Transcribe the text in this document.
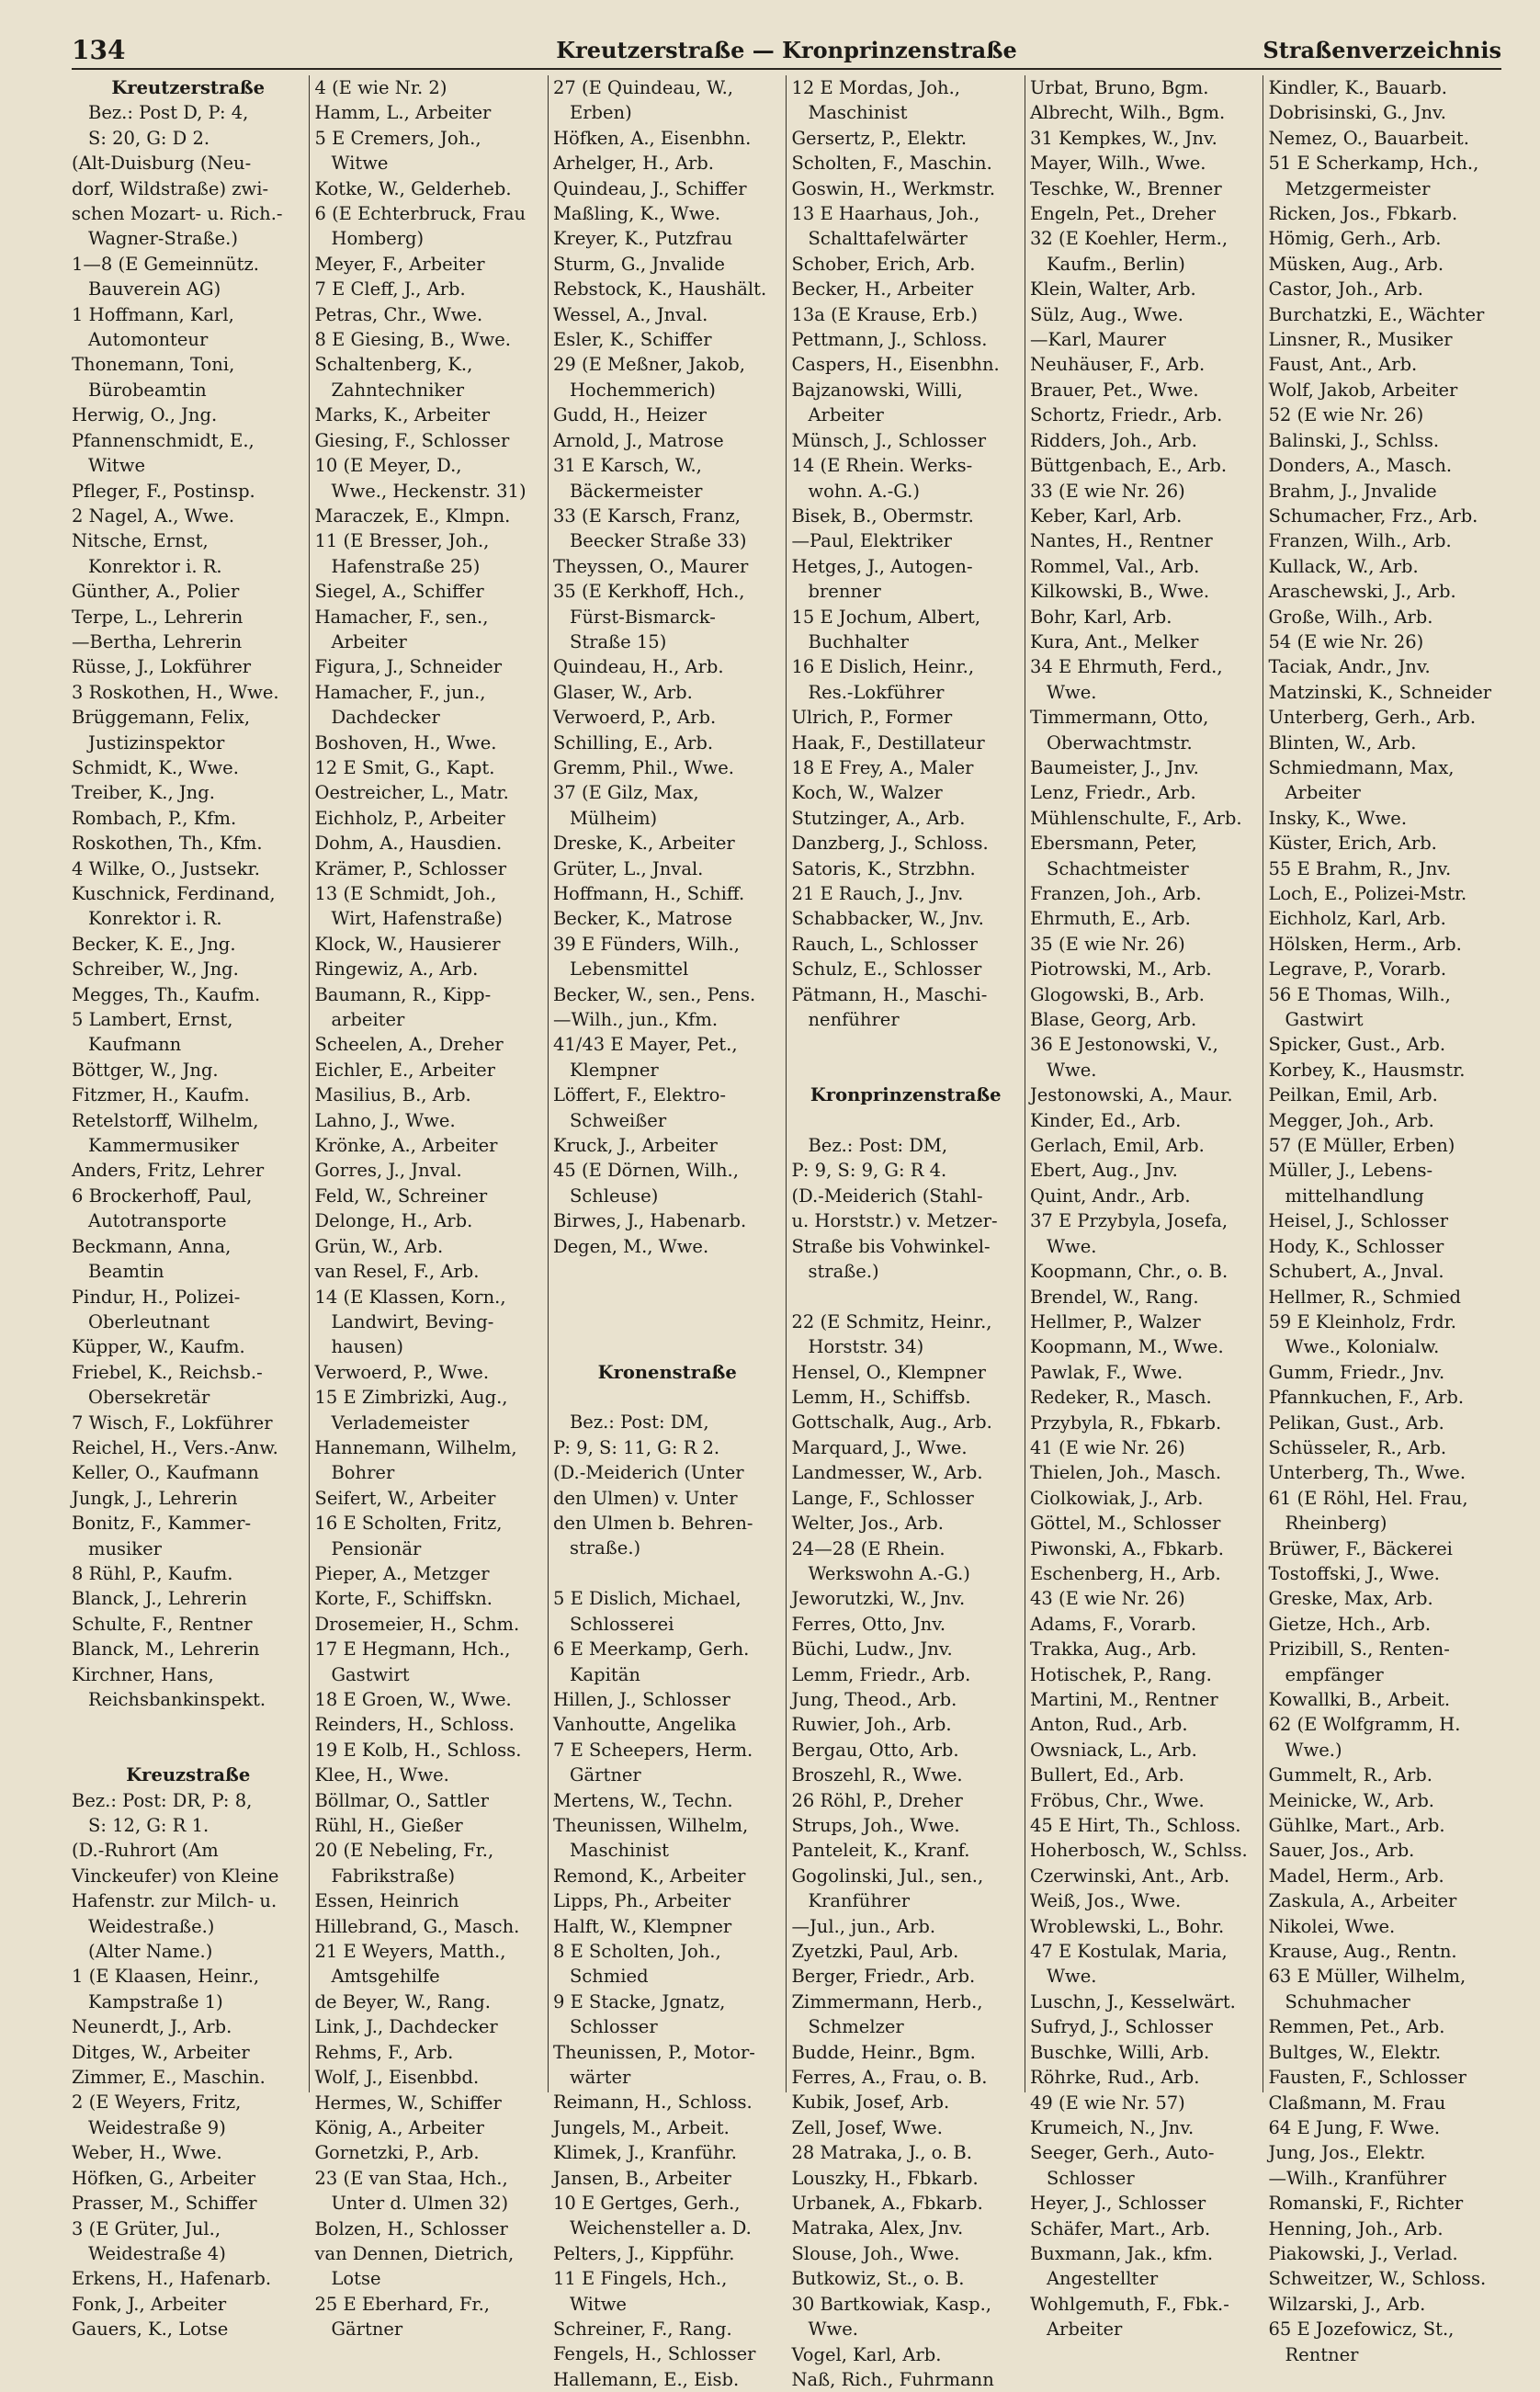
134	Kreutzerstraße — Kronprinzenstraße	Straßenverzeichnis
Kreutzerstraße
Bez.: Post D, P: 4,
S: 20, G: D 2.
(Alt-Duisburg (Neu-
dorf, Wildstraße) zwi-
schen Mozart- u. Rich.-
Wagner-Straße.)
1—8 (E Gemeinnütz.
Bauverein AG)
1 Hoffmann, Karl,
Automonteur
Thonemann, Toni,
Bürobeamtin
Herwig, O., Jng.
Pfannenschmidt, E.,
Witwe
Pfleger, F., Postinsp.
2 Nagel, A., Wwe.
Nitsche, Ernst,
Konrektor i. R.
Günther, A., Polier
Terpe, L., Lehrerin
—Bertha, Lehrerin
Rüsse, J., Lokführer
3 Roskothen, H., Wwe.
Brüggemann, Felix,
Justizinspektor
Schmidt, K., Wwe.
Treiber, K., Jng.
Rombach, P., Kfm.
Roskothen, Th., Kfm.
4 Wilke, O., Justsekr.
Kuschnick, Ferdinand,
Konrektor i. R.
Becker, K. E., Jng.
Schreiber, W., Jng.
Megges, Th., Kaufm.
5 Lambert, Ernst,
Kaufmann
Böttger, W., Jng.
Fitzmer, H., Kaufm.
Retelstorff, Wilhelm,
Kammermusiker
Anders, Fritz, Lehrer
6 Brockerhoff, Paul,
Autotransporte
Beckmann, Anna,
Beamtin
Pindur, H., Polizei-
Oberleutnant
Küpper, W., Kaufm.
Friebel, K., Reichsb.-
Obersekretär
7 Wisch, F., Lokführer
Reichel, H., Vers.-Anw.
Keller, O., Kaufmann
Jungk, J., Lehrerin
Bonitz, F., Kammer-
musiker
8 Rühl, P., Kaufm.
Blanck, J., Lehrerin
Schulte, F., Rentner
Blanck, M., Lehrerin
Kirchner, Hans,
Reichsbankinspekt.
Kreuzstraße
Bez.: Post: DR, P: 8,
S: 12, G: R 1.
(D.-Ruhrort (Am
Vinckeufer) von Kleine
Hafenstr. zur Milch- u.
Weidestraße.)
(Alter Name.)
1 (E Klaasen, Heinr.,
Kampstraße 1)
Neunerdt, J., Arb.
Ditges, W., Arbeiter
Zimmer, E., Maschin.
2 (E Weyers, Fritz,
Weidestraße 9)
Weber, H., Wwe.
Höfken, G., Arbeiter
Prasser, M., Schiffer
3 (E Grüter, Jul.,
Weidestraße 4)
Erkens, H., Hafenarb.
Fonk, J., Arbeiter
Gauers, K., Lotse
4 (E wie Nr. 2)
Hamm, L., Arbeiter
5 E Cremers, Joh.,
Witwe
Kotke, W., Gelderheb.
6 (E Echterbruck, Frau
Homberg)
Meyer, F., Arbeiter
7 E Cleff, J., Arb.
Petras, Chr., Wwe.
8 E Giesing, B., Wwe.
Schaltenberg, K.,
Zahntechniker
Marks, K., Arbeiter
Giesing, F., Schlosser
10 (E Meyer, D.,
Wwe., Heckenstr. 31)
Maraczek, E., Klmpn.
11 (E Bresser, Joh.,
Hafenstraße 25)
Siegel, A., Schiffer
Hamacher, F., sen.,
Arbeiter
Figura, J., Schneider
Hamacher, F., jun.,
Dachdecker
Boshoven, H., Wwe.
12 E Smit, G., Kapt.
Oestreicher, L., Matr.
Eichholz, P., Arbeiter
Dohm, A., Hausdien.
Krämer, P., Schlosser
13 (E Schmidt, Joh.,
Wirt, Hafenstraße)
Klock, W., Hausierer
Ringewiz, A., Arb.
Baumann, R., Kipp-
arbeiter
Scheelen, A., Dreher
Eichler, E., Arbeiter
Masilius, B., Arb.
Lahno, J., Wwe.
Krönke, A., Arbeiter
Gorres, J., Jnval.
Feld, W., Schreiner
Delonge, H., Arb.
Grün, W., Arb.
van Resel, F., Arb.
14 (E Klassen, Korn.,
Landwirt, Beving-
hausen)
Verwoerd, P., Wwe.
15 E Zimbrizki, Aug.,
Verlademeister
Hannemann, Wilhelm,
Bohrer
Seifert, W., Arbeiter
16 E Scholten, Fritz,
Pensionär
Pieper, A., Metzger
Korte, F., Schiffskn.
Drosemeier, H., Schm.
17 E Hegmann, Hch.,
Gastwirt
18 E Groen, W., Wwe.
Reinders, H., Schloss.
19 E Kolb, H., Schloss.
Klee, H., Wwe.
Böllmar, O., Sattler
Rühl, H., Gießer
20 (E Nebeling, Fr.,
Fabrikstraße)
Essen, Heinrich
Hillebrand, G., Masch.
21 E Weyers, Matth.,
Amtsgehilfe
de Beyer, W., Rang.
Link, J., Dachdecker
Rehms, F., Arb.
Wolf, J., Eisenbbd.
Hermes, W., Schiffer
König, A., Arbeiter
Gornetzki, P., Arb.
23 (E van Staa, Hch.,
Unter d. Ulmen 32)
Bolzen, H., Schlosser
van Dennen, Dietrich,
Lotse
25 E Eberhard, Fr.,
Gärtner
27 (E Quindeau, W.,
Erben)
Höfken, A., Eisenbhn.
Arhelger, H., Arb.
Quindeau, J., Schiffer
Maßling, K., Wwe.
Kreyer, K., Putzfrau
Sturm, G., Jnvalide
Rebstock, K., Haushält.
Wessel, A., Jnval.
Esler, K., Schiffer
29 (E Meßner, Jakob,
Hochemmerich)
Gudd, H., Heizer
Arnold, J., Matrose
31 E Karsch, W.,
Bäckermeister
33 (E Karsch, Franz,
Beecker Straße 33)
Theyssen, O., Maurer
35 (E Kerkhoff, Hch.,
Fürst-Bismarck-
Straße 15)
Quindeau, H., Arb.
Glaser, W., Arb.
Verwoerd, P., Arb.
Schilling, E., Arb.
Gremm, Phil., Wwe.
37 (E Gilz, Max,
Mülheim)
Dreske, K., Arbeiter
Grüter, L., Jnval.
Hoffmann, H., Schiff.
Becker, K., Matrose
39 E Fünders, Wilh.,
Lebensmittel
Becker, W., sen., Pens.
—Wilh., jun., Kfm.
41/43 E Mayer, Pet.,
Klempner
Löffert, F., Elektro-
Schweißer
Kruck, J., Arbeiter
45 (E Dörnen, Wilh.,
Schleuse)
Birwes, J., Habenarb.
Degen, M., Wwe.
Kronenstraße
Bez.: Post: DM,
P: 9, S: 11, G: R 2.
(D.-Meiderich (Unter
den Ulmen) v. Unter
den Ulmen b. Behren-
straße.)
5 E Dislich, Michael,
Schlosserei
6 E Meerkamp, Gerh.
Kapitän
Hillen, J., Schlosser
Vanhoutte, Angelika
7 E Scheepers, Herm.
Gärtner
Mertens, W., Techn.
Theunissen, Wilhelm,
Maschinist
Remond, K., Arbeiter
Lipps, Ph., Arbeiter
Halft, W., Klempner
8 E Scholten, Joh.,
Schmied
9 E Stacke, Jgnatz,
Schlosser
Theunissen, P., Motor-
wärter
Reimann, H., Schloss.
Jungels, M., Arbeit.
Klimek, J., Kranführ.
Jansen, B., Arbeiter
10 E Gertges, Gerh.,
Weichensteller a. D.
Pelters, J., Kippführ.
11 E Fingels, Hch.,
Witwe
Schreiner, F., Rang.
Fengels, H., Schlosser
Hallemann, E., Eisb.
12 E Mordas, Joh.,
Maschinist
Gersertz, P., Elektr.
Scholten, F., Maschin.
Goswin, H., Werkmstr.
13 E Haarhaus, Joh.,
Schalttafelwärter
Schober, Erich, Arb.
Becker, H., Arbeiter
13a (E Krause, Erb.)
Pettmann, J., Schloss.
Caspers, H., Eisenbhn.
Bajzanowski, Willi,
Arbeiter
Münsch, J., Schlosser
14 (E Rhein. Werks-
wohn. A.-G.)
Bisek, B., Obermstr.
—Paul, Elektriker
Hetges, J., Autogen-
brenner
15 E Jochum, Albert,
Buchhalter
16 E Dislich, Heinr.,
Res.-Lokführer
Ulrich, P., Former
Haak, F., Destillateur
18 E Frey, A., Maler
Koch, W., Walzer
Stutzinger, A., Arb.
Danzberg, J., Schloss.
Satoris, K., Strzbhn.
21 E Rauch, J., Jnv.
Schabbacker, W., Jnv.
Rauch, L., Schlosser
Schulz, E., Schlosser
Pätmann, H., Maschi-
nenführer
Kronprinzenstraße
Bez.: Post: DM,
P: 9, S: 9, G: R 4.
(D.-Meiderich (Stahl-
u. Horststr.) v. Metzer-
Straße bis Vohwinkel-
straße.)
22 (E Schmitz, Heinr.,
Horststr. 34)
Hensel, O., Klempner
Lemm, H., Schiffsb.
Gottschalk, Aug., Arb.
Marquard, J., Wwe.
Landmesser, W., Arb.
Lange, F., Schlosser
Welter, Jos., Arb.
24—28 (E Rhein.
Werkswohn A.-G.)
Jeworutzki, W., Jnv.
Ferres, Otto, Jnv.
Büchi, Ludw., Jnv.
Lemm, Friedr., Arb.
Jung, Theod., Arb.
Ruwier, Joh., Arb.
Bergau, Otto, Arb.
Broszehl, R., Wwe.
26 Röhl, P., Dreher
Strups, Joh., Wwe.
Panteleit, K., Kranf.
Gogolinski, Jul., sen.,
Kranführer
—Jul., jun., Arb.
Zyetzki, Paul, Arb.
Berger, Friedr., Arb.
Zimmermann, Herb.,
Schmelzer
Budde, Heinr., Bgm.
Ferres, A., Frau, o. B.
Kubik, Josef, Arb.
Zell, Josef, Wwe.
28 Matraka, J., o. B.
Louszky, H., Fbkarb.
Urbanek, A., Fbkarb.
Matraka, Alex, Jnv.
Slouse, Joh., Wwe.
Butkowiz, St., o. B.
30 Bartkowiak, Kasp.,
Wwe.
Vogel, Karl, Arb.
Naß, Rich., Fuhrmann
Urbat, Bruno, Bgm.
Albrecht, Wilh., Bgm.
31 Kempkes, W., Jnv.
Mayer, Wilh., Wwe.
Teschke, W., Brenner
Engeln, Pet., Dreher
32 (E Koehler, Herm.,
Kaufm., Berlin)
Klein, Walter, Arb.
Sülz, Aug., Wwe.
—Karl, Maurer
Neuhäuser, F., Arb.
Brauer, Pet., Wwe.
Schortz, Friedr., Arb.
Ridders, Joh., Arb.
Büttgenbach, E., Arb.
33 (E wie Nr. 26)
Keber, Karl, Arb.
Nantes, H., Rentner
Rommel, Val., Arb.
Kilkowski, B., Wwe.
Bohr, Karl, Arb.
Kura, Ant., Melker
34 E Ehrmuth, Ferd.,
Wwe.
Timmermann, Otto,
Oberwachtmstr.
Baumeister, J., Jnv.
Lenz, Friedr., Arb.
Mühlenschulte, F., Arb.
Ebersmann, Peter,
Schachtmeister
Franzen, Joh., Arb.
Ehrmuth, E., Arb.
35 (E wie Nr. 26)
Piotrowski, M., Arb.
Glogowski, B., Arb.
Blase, Georg, Arb.
36 E Jestonowski, V.,
Wwe.
Jestonowski, A., Maur.
Kinder, Ed., Arb.
Gerlach, Emil, Arb.
Ebert, Aug., Jnv.
Quint, Andr., Arb.
37 E Przybyla, Josefa,
Wwe.
Koopmann, Chr., o. B.
Brendel, W., Rang.
Hellmer, P., Walzer
Koopmann, M., Wwe.
Pawlak, F., Wwe.
Redeker, R., Masch.
Przybyla, R., Fbkarb.
41 (E wie Nr. 26)
Thielen, Joh., Masch.
Ciolkowiak, J., Arb.
Göttel, M., Schlosser
Piwonski, A., Fbkarb.
Eschenberg, H., Arb.
43 (E wie Nr. 26)
Adams, F., Vorarb.
Trakka, Aug., Arb.
Hotischek, P., Rang.
Martini, M., Rentner
Anton, Rud., Arb.
Owsniack, L., Arb.
Bullert, Ed., Arb.
Fröbus, Chr., Wwe.
45 E Hirt, Th., Schloss.
Hoherbosch, W., Schlss.
Czerwinski, Ant., Arb.
Weiß, Jos., Wwe.
Wroblewski, L., Bohr.
47 E Kostulak, Maria,
Wwe.
Luschn, J., Kesselwärt.
Sufryd, J., Schlosser
Buschke, Willi, Arb.
Röhrke, Rud., Arb.
49 (E wie Nr. 57)
Krumeich, N., Jnv.
Seeger, Gerh., Auto-
Schlosser
Heyer, J., Schlosser
Schäfer, Mart., Arb.
Buxmann, Jak., kfm.
Angestellter
Wohlgemuth, F., Fbk.-
Arbeiter
Kindler, K., Bauarb.
Dobrisinski, G., Jnv.
Nemez, O., Bauarbeit.
51 E Scherkamp, Hch.,
Metzgermeister
Ricken, Jos., Fbkarb.
Hömig, Gerh., Arb.
Müsken, Aug., Arb.
Castor, Joh., Arb.
Burchatzki, E., Wächter
Linsner, R., Musiker
Faust, Ant., Arb.
Wolf, Jakob, Arbeiter
52 (E wie Nr. 26)
Balinski, J., Schlss.
Donders, A., Masch.
Brahm, J., Jnvalide
Schumacher, Frz., Arb.
Franzen, Wilh., Arb.
Kullack, W., Arb.
Araschewski, J., Arb.
Große, Wilh., Arb.
54 (E wie Nr. 26)
Taciak, Andr., Jnv.
Matzinski, K., Schneider
Unterberg, Gerh., Arb.
Blinten, W., Arb.
Schmiedmann, Max,
Arbeiter
Insky, K., Wwe.
Küster, Erich, Arb.
55 E Brahm, R., Jnv.
Loch, E., Polizei-Mstr.
Eichholz, Karl, Arb.
Hölsken, Herm., Arb.
Legrave, P., Vorarb.
56 E Thomas, Wilh.,
Gastwirt
Spicker, Gust., Arb.
Korbey, K., Hausmstr.
Peilkan, Emil, Arb.
Megger, Joh., Arb.
57 (E Müller, Erben)
Müller, J., Lebens-
mittelhandlung
Heisel, J., Schlosser
Hody, K., Schlosser
Schubert, A., Jnval.
Hellmer, R., Schmied
59 E Kleinholz, Frdr.
Wwe., Kolonialw.
Gumm, Friedr., Jnv.
Pfannkuchen, F., Arb.
Pelikan, Gust., Arb.
Schüsseler, R., Arb.
Unterberg, Th., Wwe.
61 (E Röhl, Hel. Frau,
Rheinberg)
Brüwer, F., Bäckerei
Tostoffski, J., Wwe.
Greske, Max, Arb.
Gietze, Hch., Arb.
Prizibill, S., Renten-
empfänger
Kowallki, B., Arbeit.
62 (E Wolfgramm, H.
Wwe.)
Gummelt, R., Arb.
Meinicke, W., Arb.
Gühlke, Mart., Arb.
Sauer, Jos., Arb.
Madel, Herm., Arb.
Zaskula, A., Arbeiter
Nikolei, Wwe.
Krause, Aug., Rentn.
63 E Müller, Wilhelm,
Schuhmacher
Remmen, Pet., Arb.
Bultges, W., Elektr.
Fausten, F., Schlosser
Claßmann, M. Frau
64 E Jung, F. Wwe.
Jung, Jos., Elektr.
—Wilh., Kranführer
Romanski, F., Richter
Henning, Joh., Arb.
Piakowski, J., Verlad.
Schweitzer, W., Schloss.
Wilzarski, J., Arb.
65 E Jozefowicz, St.,
Rentner
